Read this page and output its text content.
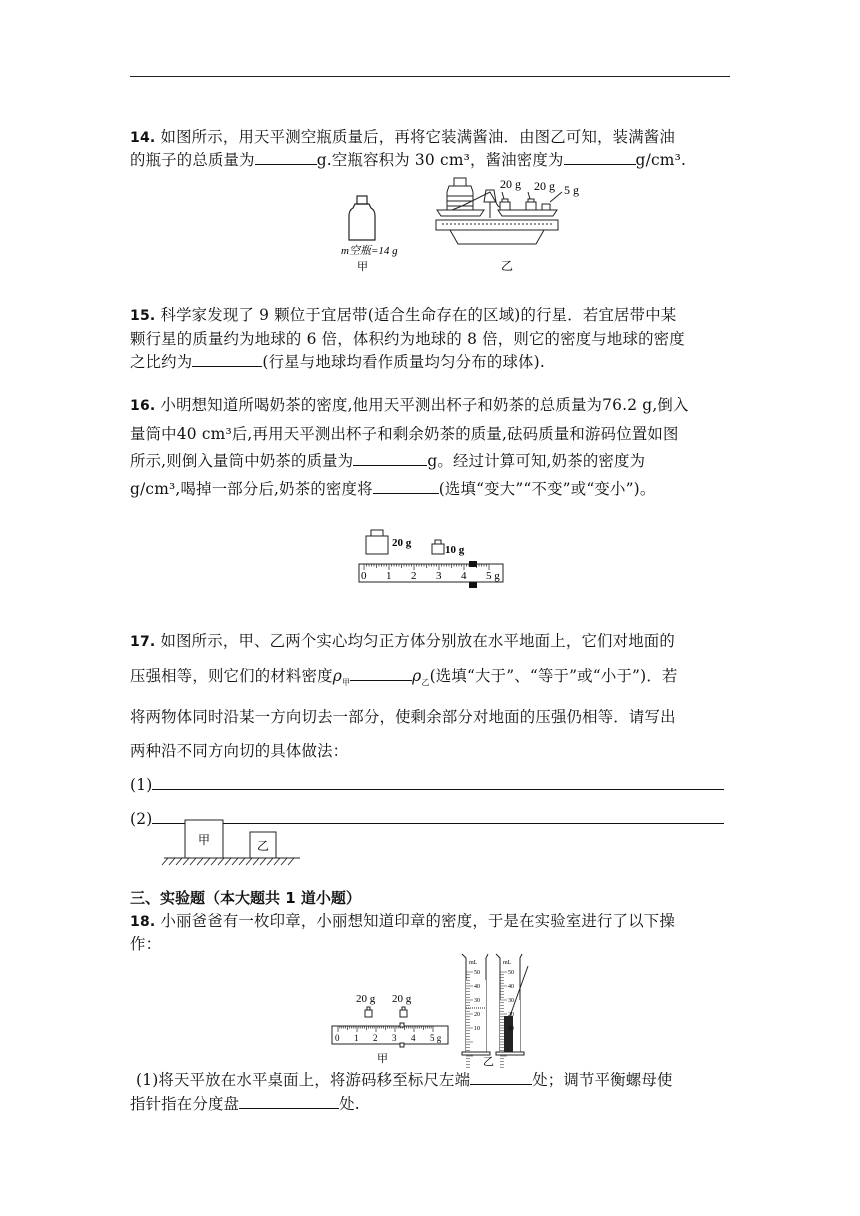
14. 如图所示，用天平测空瓶质量后，再将它装满酱油．由图乙可知，装满酱油
的瓶子的总质量为	g.空瓶容积为 30 cm³，酱油密度为	g/cm³.
m空瓶=14 g
甲
20 g 20 g 5 g
乙
15. 科学家发现了 9 颗位于宜居带(适合生命存在的区域)的行星．若宜居带中某
颗行星的质量约为地球的 6 倍，体积约为地球的 8 倍，则它的密度与地球的密度
之比约为	(行星与地球均看作质量均匀分布的球体).
16. 小明想知道所喝奶茶的密度,他用天平测出杯子和奶茶的总质量为76.2 g,倒入
量筒中40 cm³后,再用天平测出杯子和剩余奶茶的质量,砝码质量和游码位置如图
所示,则倒入量筒中奶茶的质量为	g。经过计算可知,奶茶的密度为
g/cm³,喝掉一部分后,奶茶的密度将	(选填“变大”“不变”或“变小”)。
20 g
10 g
0 1 2 3 4 5 g
17. 如图所示，甲、乙两个实心均匀正方体分别放在水平地面上，它们对地面的
压强相等，则它们的材料密度$\rho_甲$	$\rho_乙$(选填“大于”、“等于”或“小于”)．若
将两物体同时沿某一方向切去一部分，使剩余部分对地面的压强仍相等．请写出
两种沿不同方向切的具体做法：
(1)
(2)
甲	乙
三、实验题（本大题共 1 道小题）
18. 小丽爸爸有一枚印章，小丽想知道印章的密度，于是在实验室进行了以下操
作：
20 g 20 g
0 1 2 3 4 5 g
甲
mL
50
40
30
20
10
mL
50
40
30
20
10
乙
(1)将天平放在水平桌面上，将游码移至标尺左端	处；调节平衡螺母使
指针指在分度盘	处.
